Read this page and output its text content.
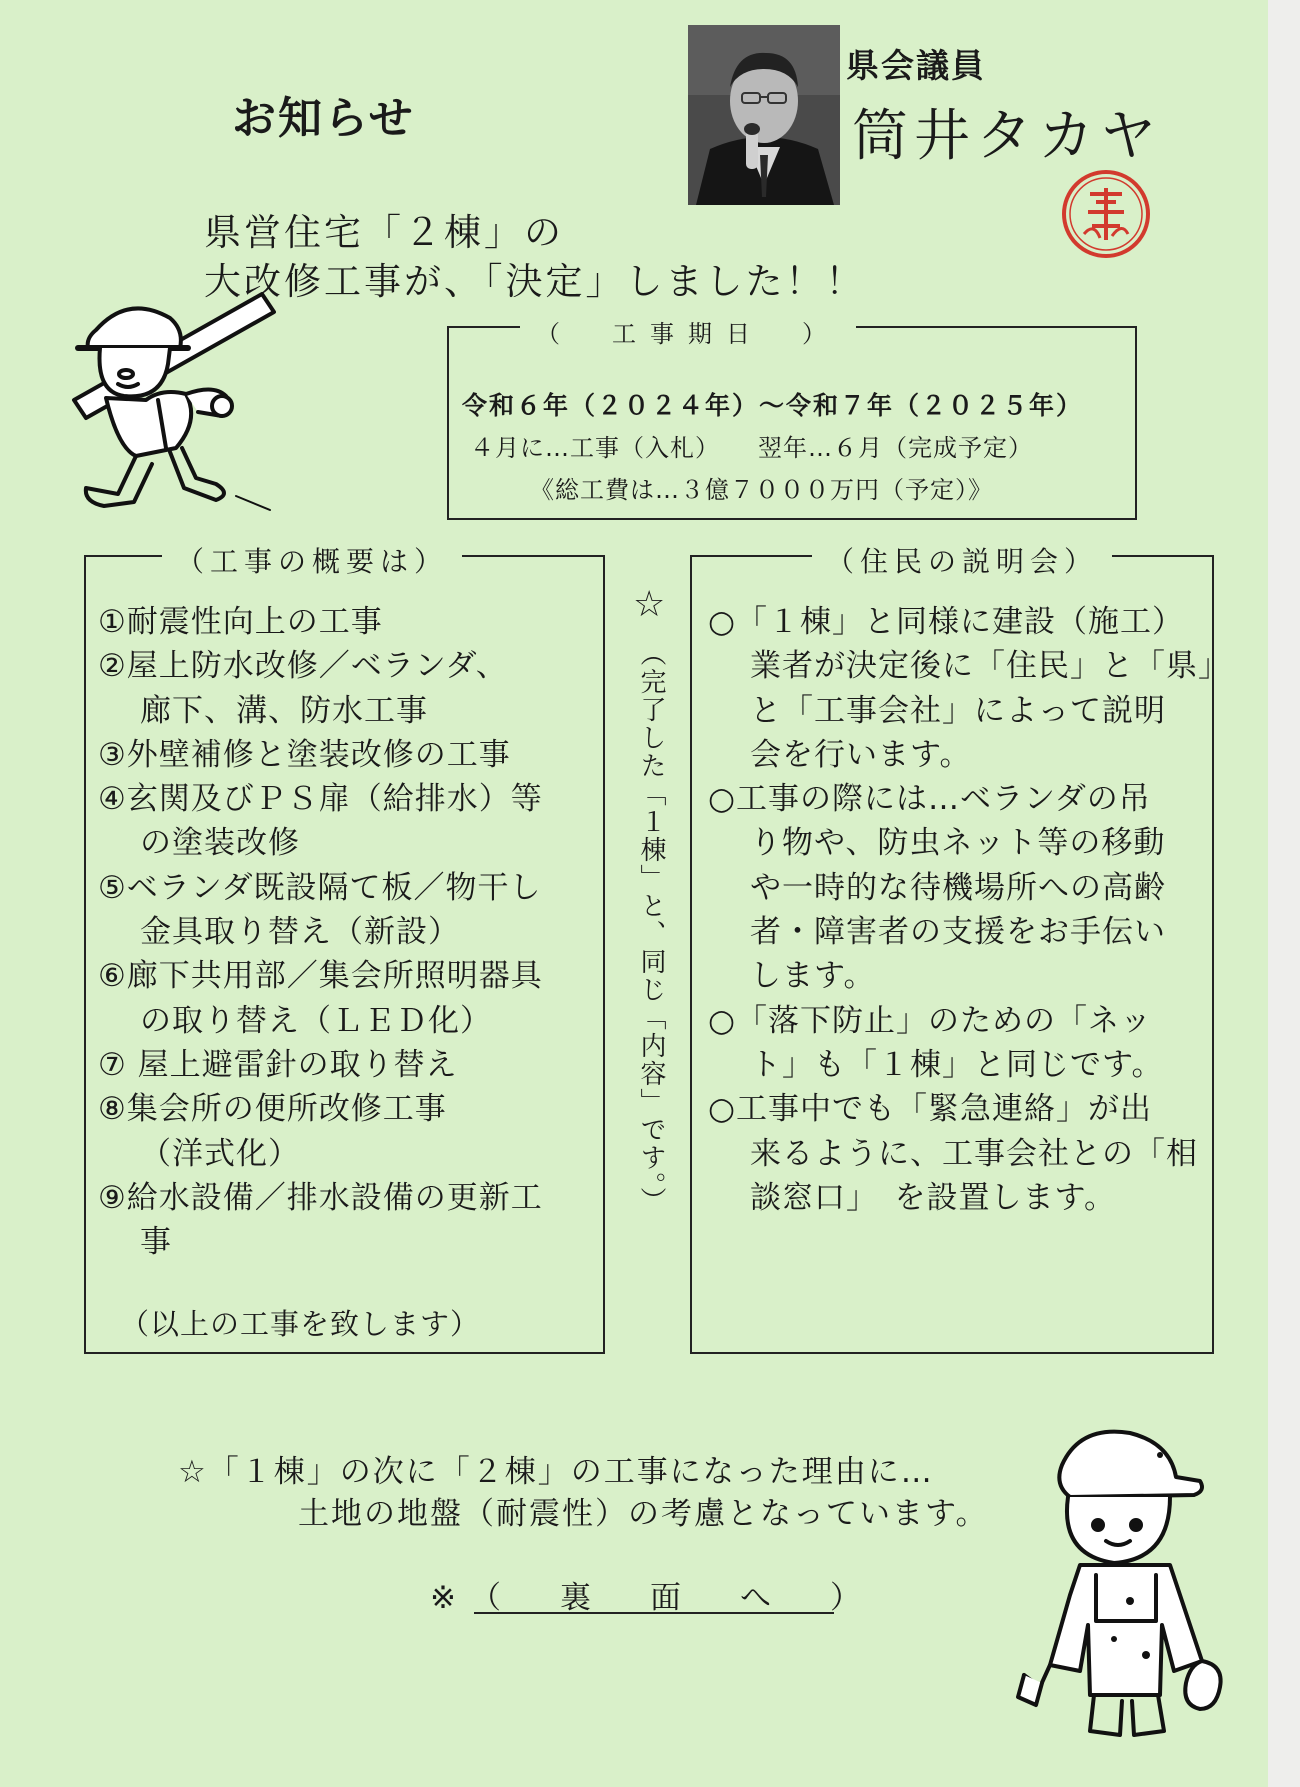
お知らせ
県会議員
筒井タカヤ
県営住宅「２棟」の
大改修工事が、「決定」しました！！
（　工事期日　）
令和６年（２０２４年）～令和７年（２０２５年）
４月に…工事（入札）　　翌年…６月（完成予定）
《総工費は…３億７０００万円（予定）》
（工事の概要は）
①耐震性向上の工事
②屋上防水改修／ベランダ、
廊下、溝、防水工事
③外壁補修と塗装改修の工事
④玄関及びＰＳ扉（給排水）等
の塗装改修
⑤ベランダ既設隔て板／物干し
金具取り替え（新設）
⑥廊下共用部／集会所照明器具
の取り替え（ＬＥＤ化）
⑦ 屋上避雷針の取り替え
⑧集会所の便所改修工事
（洋式化）
⑨給水設備／排水設備の更新工
事
（以上の工事を致します）
☆
（完了した「１棟」と、同じ「内容」です。）
（住民の説明会）
○「１棟」と同様に建設（施工）
業者が決定後に「住民」と「県」
と「工事会社」によって説明
会を行います。
○工事の際には…ベランダの吊
り物や、防虫ネット等の移動
や一時的な待機場所への高齢
者・障害者の支援をお手伝い
します。
○「落下防止」のための「ネッ
ト」も「１棟」と同じです。
○工事中でも「緊急連絡」が出
来るように、工事会社との「相
談窓口」　を設置します。
☆「１棟」の次に「２棟」の工事になった理由に…
土地の地盤（耐震性）の考慮となっています。
※（　裏　面　へ　）
